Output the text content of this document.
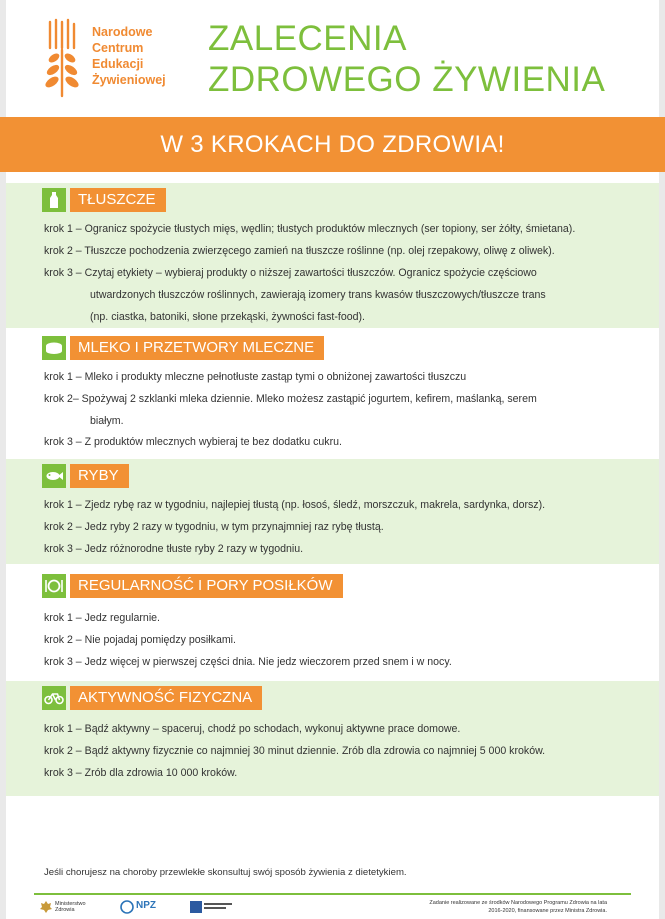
Narodowe
Centrum
Edukacji
Żywieniowej
ZALECENIA
ZDROWEGO ŻYWIENIA
W 3 KROKACH DO ZDROWIA!
TŁUSZCZE
krok 1 – Ogranicz spożycie tłustych mięs, wędlin; tłustych produktów mlecznych (ser topiony, ser żółty, śmietana).
krok 2 – Tłuszcze pochodzenia zwierzęcego zamień na tłuszcze roślinne (np. olej rzepakowy, oliwę z oliwek).
krok 3 – Czytaj etykiety – wybieraj produkty o niższej zawartości tłuszczów. Ogranicz spożycie częściowo
utwardzonych tłuszczów roślinnych, zawierają izomery trans kwasów tłuszczowych/tłuszcze trans
(np. ciastka, batoniki, słone przekąski, żywności fast-food).
MLEKO I PRZETWORY MLECZNE
krok 1 – Mleko i produkty mleczne pełnotłuste zastąp tymi o obniżonej zawartości tłuszczu
krok 2– Spożywaj 2 szklanki mleka dziennie. Mleko możesz zastąpić jogurtem, kefirem, maślanką, serem
białym.
krok 3 – Z produktów mlecznych wybieraj te bez dodatku cukru.
RYBY
krok 1 – Zjedz rybę raz w tygodniu, najlepiej tłustą (np. łosoś, śledź, morszczuk, makrela, sardynka, dorsz).
krok 2 – Jedz ryby 2 razy w tygodniu, w tym przynajmniej raz rybę tłustą.
krok 3 – Jedz różnorodne tłuste ryby 2 razy w tygodniu.
REGULARNOŚĆ I PORY POSIŁKÓW
krok 1 – Jedz regularnie.
krok 2 – Nie pojadaj pomiędzy posiłkami.
krok 3 – Jedz więcej w pierwszej części dnia. Nie jedz wieczorem przed snem i w nocy.
AKTYWNOŚĆ FIZYCZNA
krok 1 – Bądź aktywny – spaceruj, chodź po schodach, wykonuj aktywne prace domowe.
krok 2 – Bądź aktywny fizycznie co najmniej 30 minut dziennie. Zrób dla zdrowia co najmniej 5 000 kroków.
krok 3 – Zrób dla zdrowia 10 000 kroków.
Jeśli chorujesz na choroby przewlekłe skonsultuj swój sposób żywienia z dietetykiem.
Ministerstwo Zdrowia	NPZ	Zadanie realizowane ze środków Narodowego Programu Zdrowia na lata
2016-2020, finansowane przez Ministra Zdrowia.
